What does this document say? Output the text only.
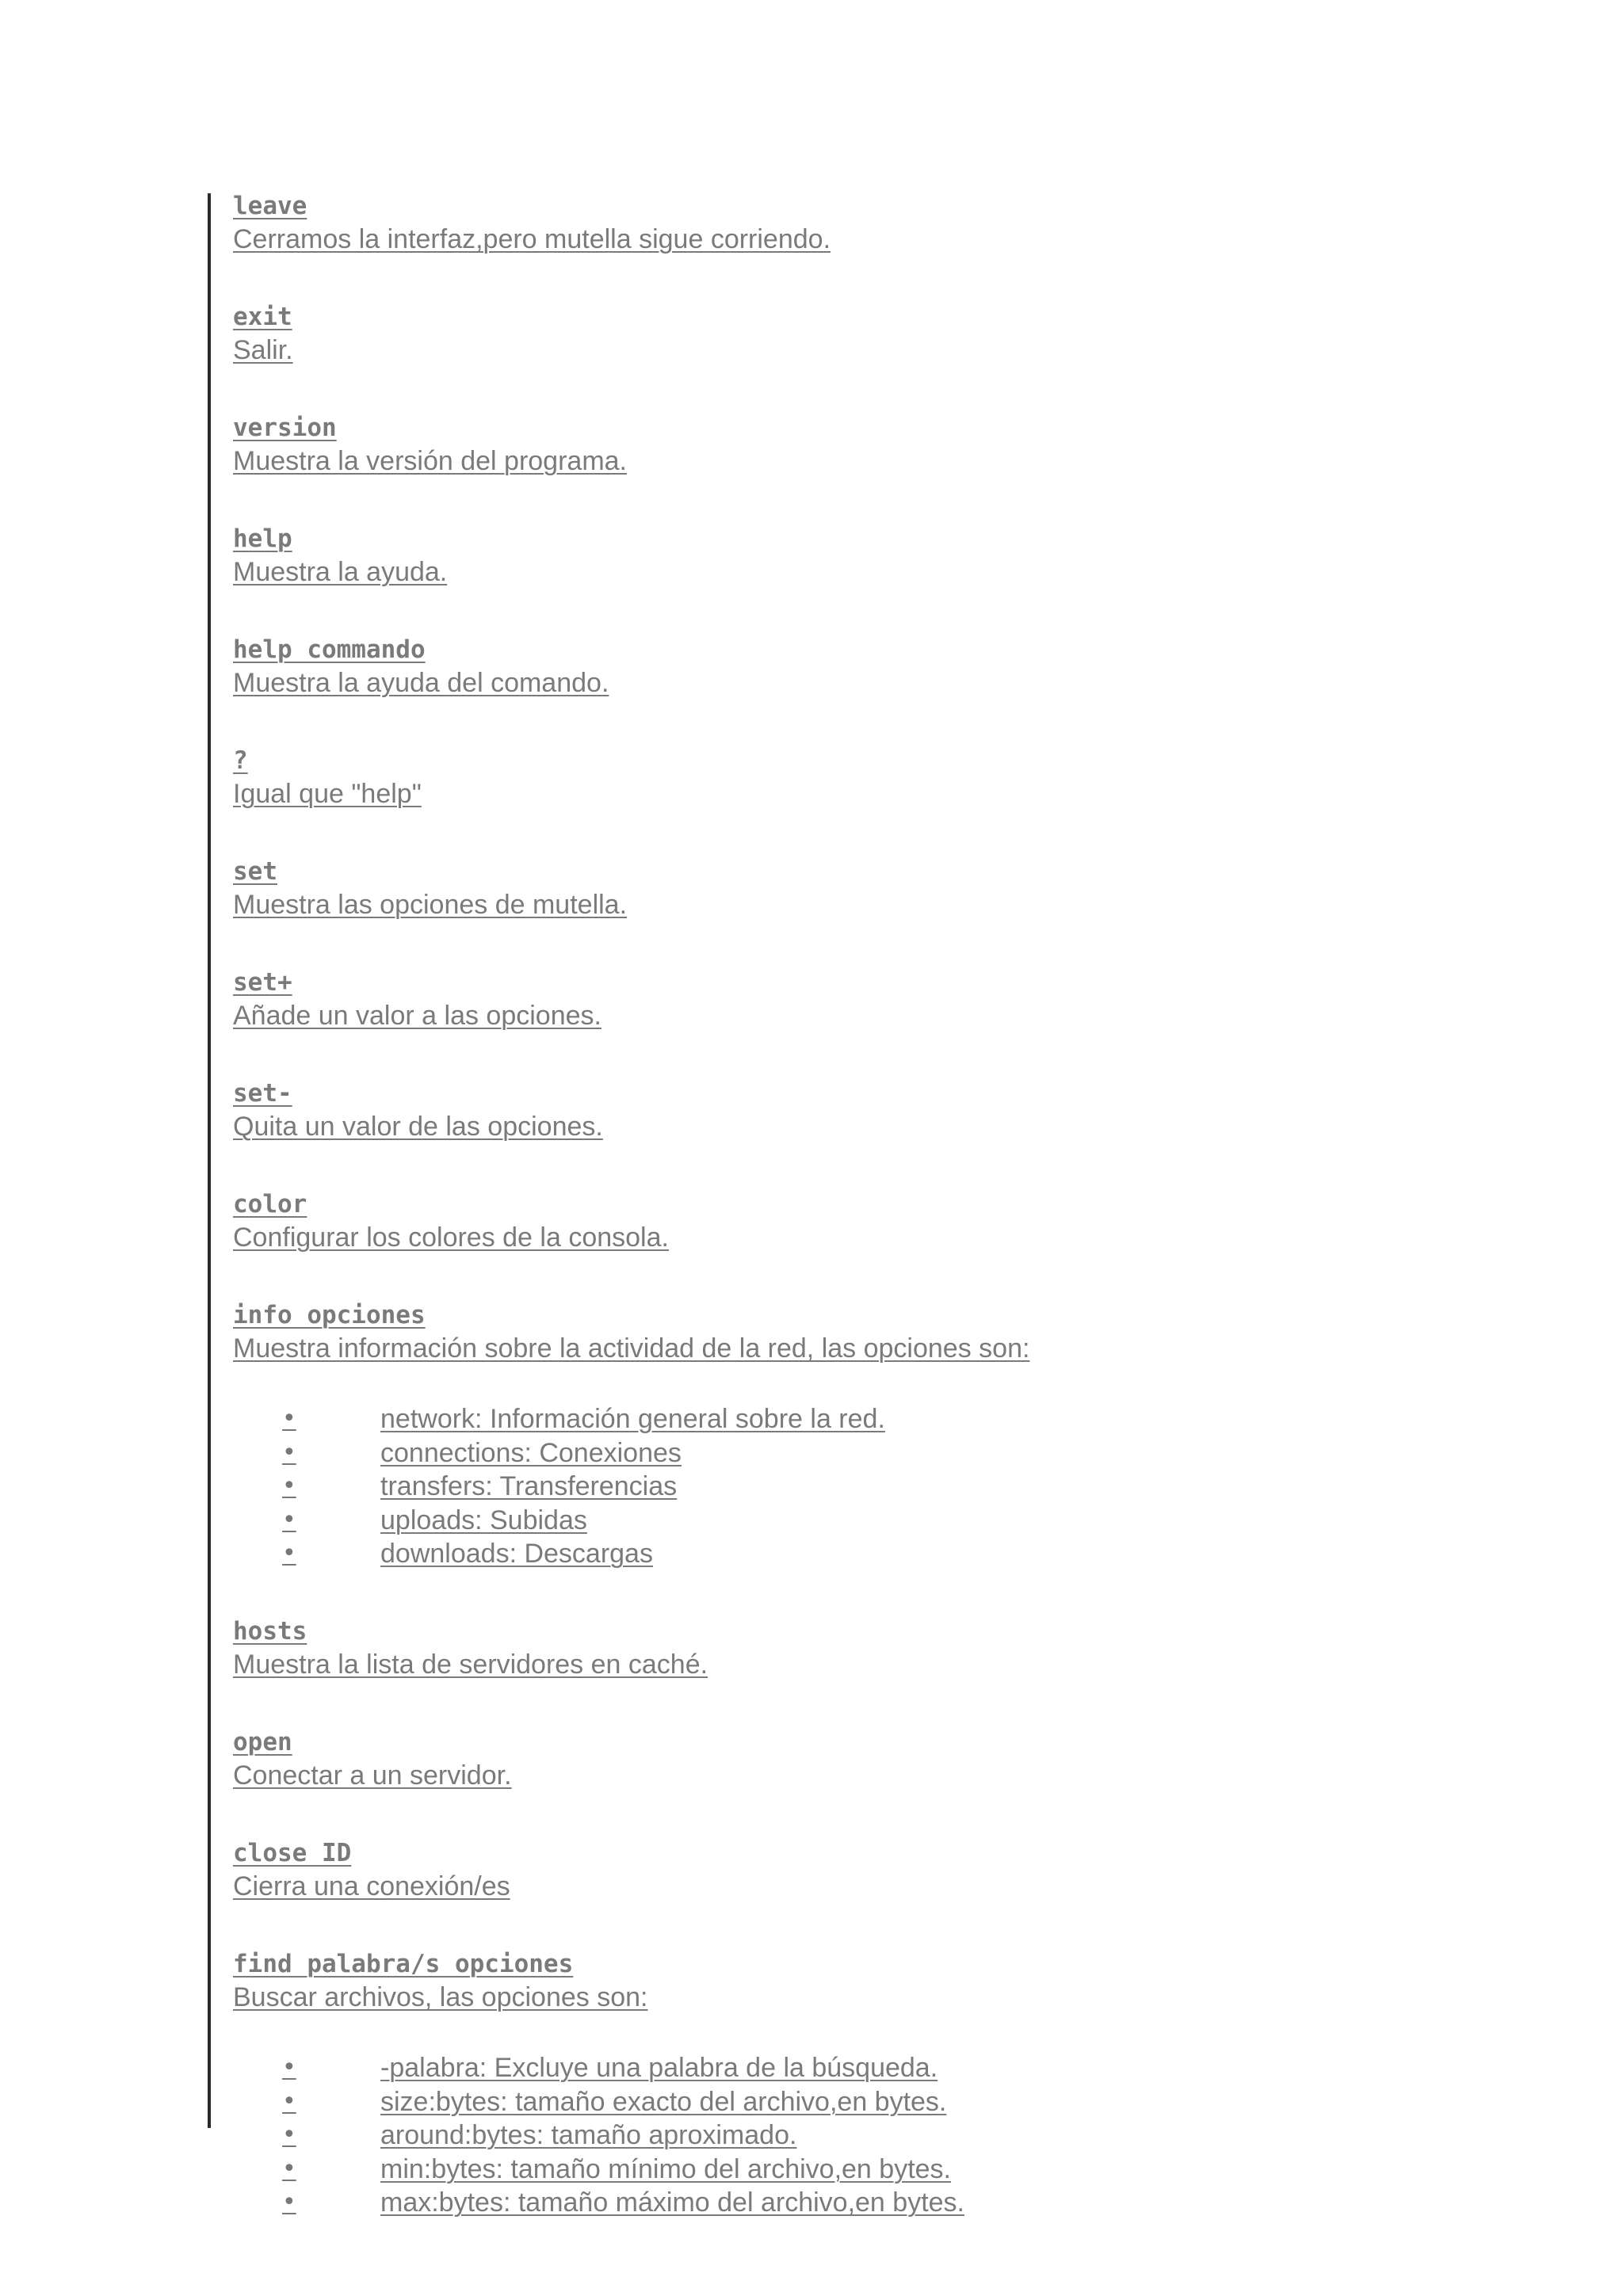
leave
Cerramos la interfaz,pero mutella sigue corriendo.
exit
Salir.
version
Muestra la versión del programa.
help
Muestra la ayuda.
help commando
Muestra la ayuda del comando.
?
Igual que "help"
set
Muestra las opciones de mutella.
set+
Añade un valor a las opciones.
set-
Quita un valor de las opciones.
color
Configurar los colores de la consola.
info opciones
Muestra información sobre la actividad de la red, las opciones son:
•	network: Información general sobre la red.
•	connections: Conexiones
•	transfers: Transferencias
•	uploads: Subidas
•	downloads: Descargas
hosts
Muestra la lista de servidores en caché.
open
Conectar a un servidor.
close ID
Cierra una conexión/es
find palabra/s opciones
Buscar archivos, las opciones son:
•	-palabra: Excluye una palabra de la búsqueda.
•	size:bytes: tamaño exacto del archivo,en bytes.
•	around:bytes: tamaño aproximado.
•	min:bytes: tamaño mínimo del archivo,en bytes.
•	max:bytes: tamaño máximo del archivo,en bytes.
